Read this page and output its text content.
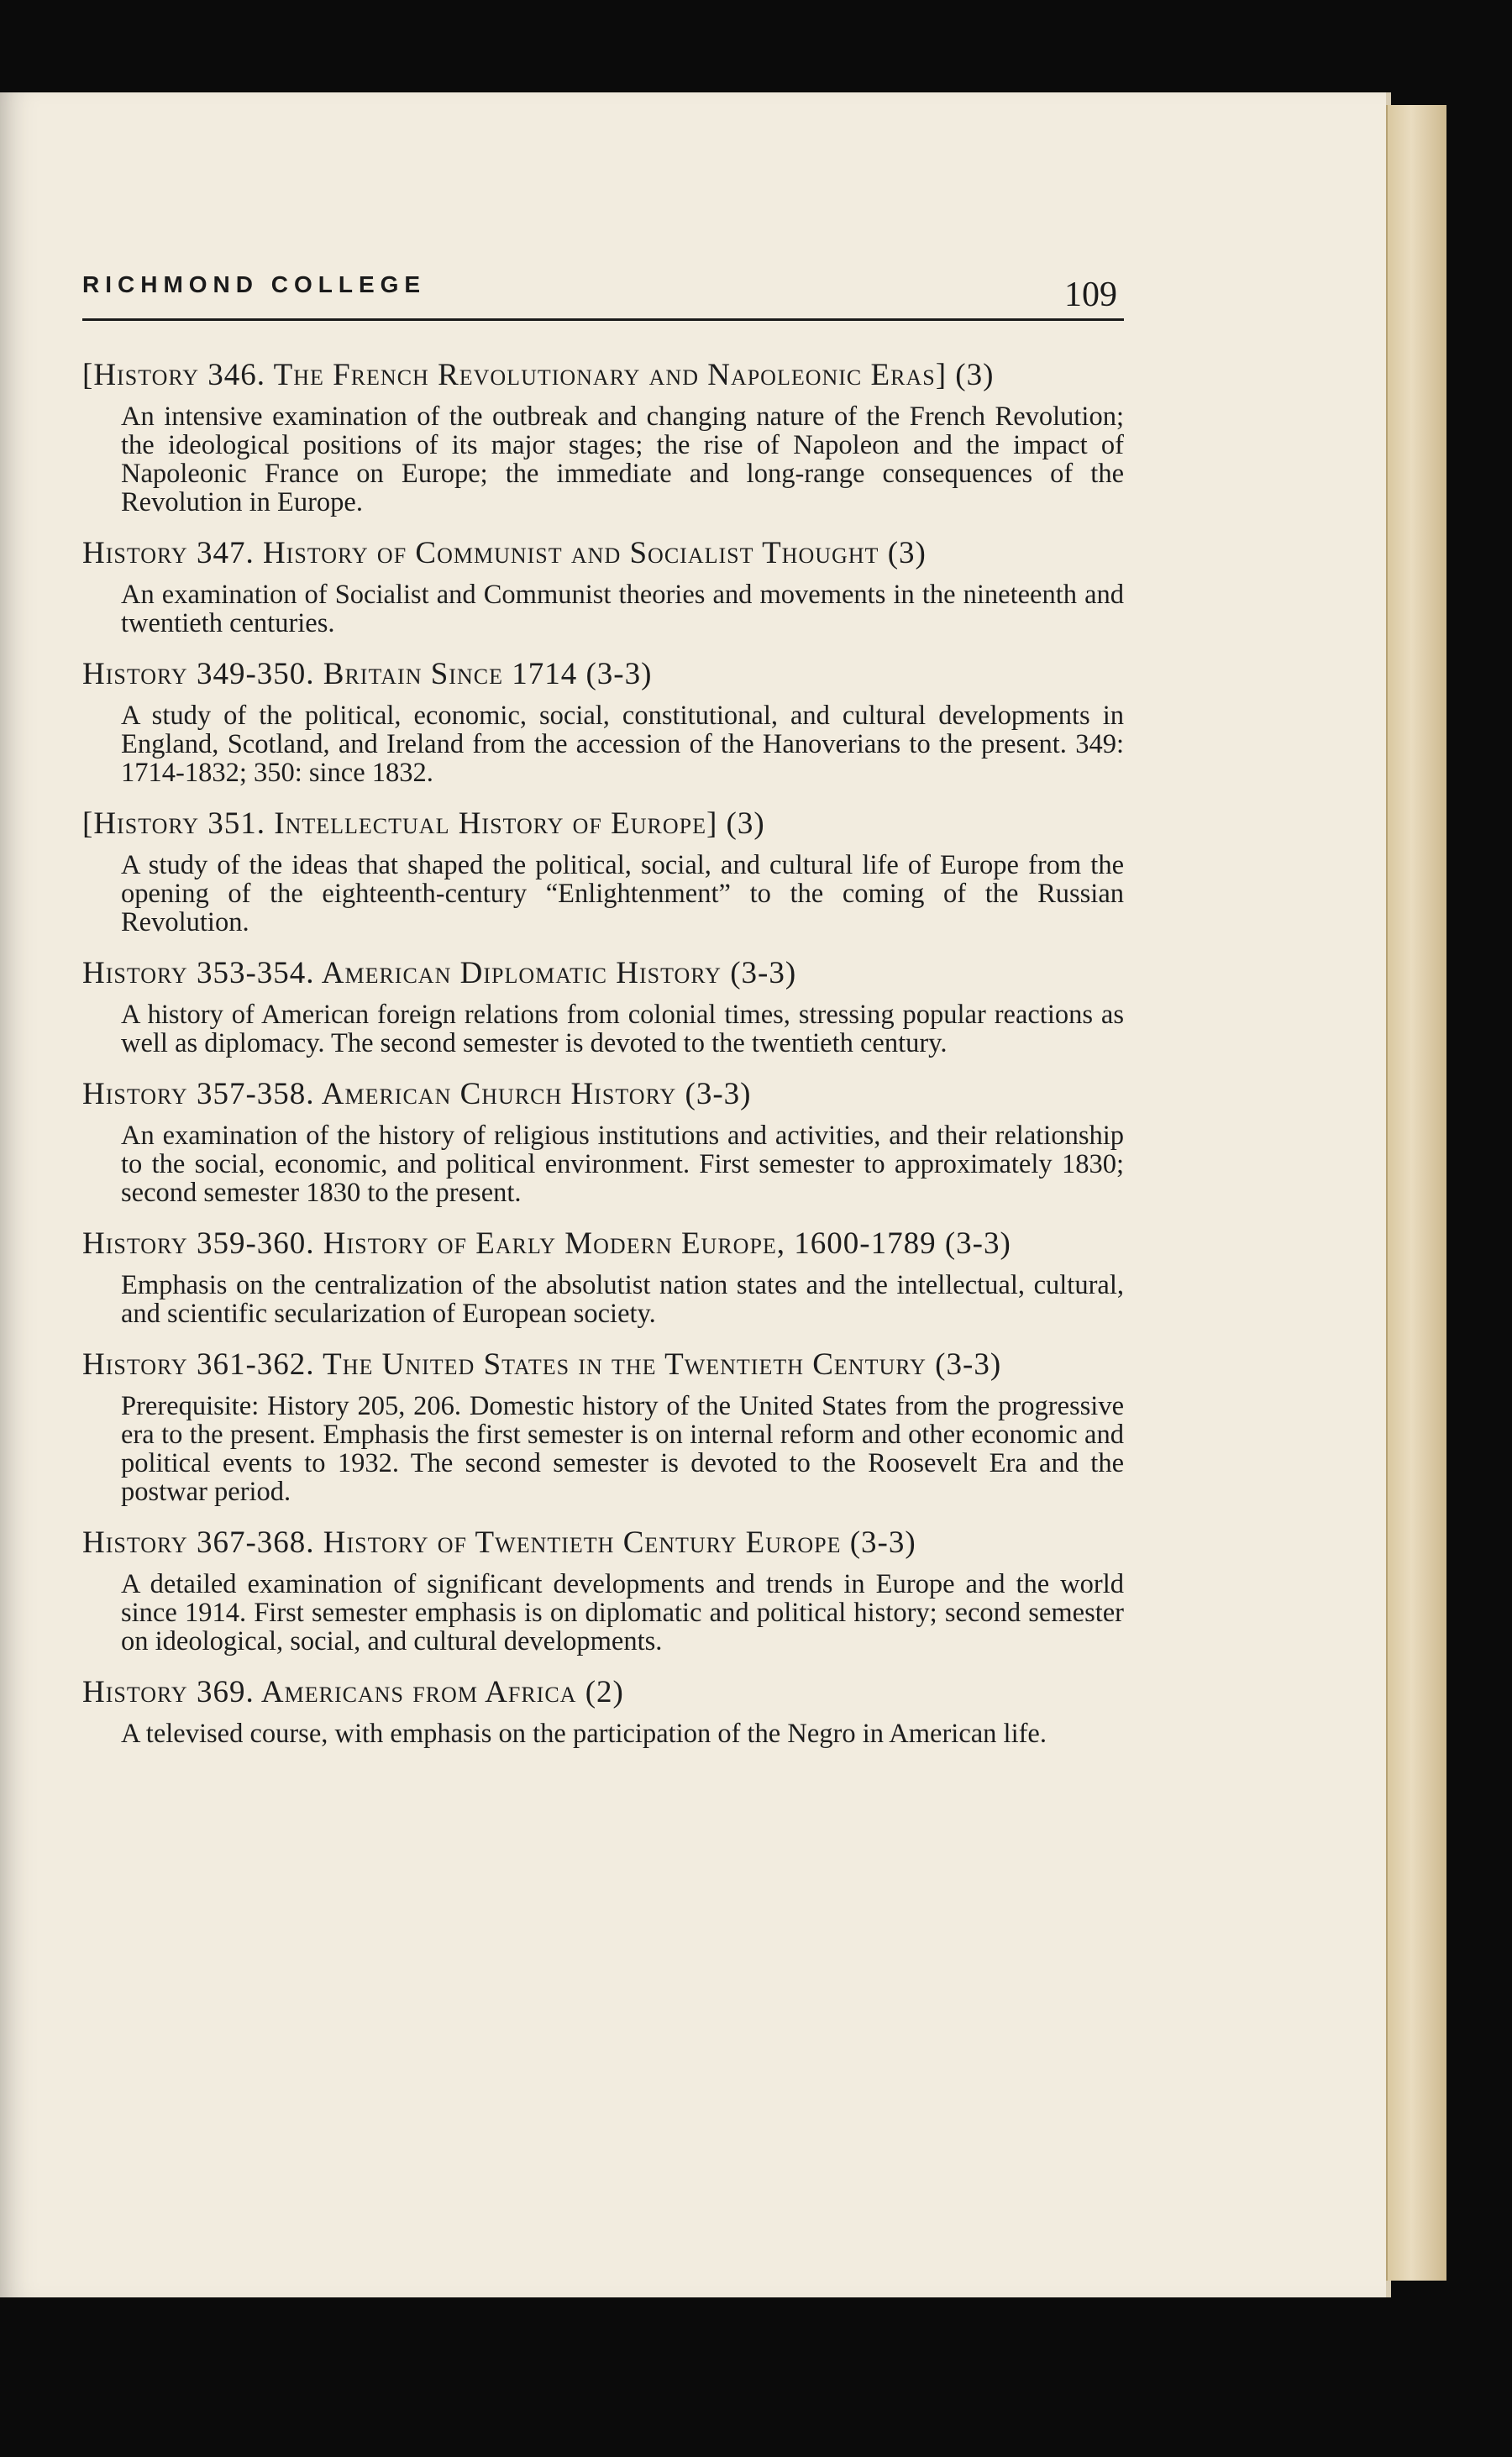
RICHMOND COLLEGE	109
[History 346. The French Revolutionary and Napoleonic Eras] (3)
An intensive examination of the outbreak and changing nature of the French Revolution; the ideological positions of its major stages; the rise of Napoleon and the impact of Napoleonic France on Europe; the immediate and long-range consequences of the Revolution in Europe.
History 347. History of Communist and Socialist Thought (3)
An examination of Socialist and Communist theories and movements in the nineteenth and twentieth centuries.
History 349-350. Britain Since 1714 (3-3)
A study of the political, economic, social, constitutional, and cultural developments in England, Scotland, and Ireland from the accession of the Hanoverians to the present. 349: 1714-1832; 350: since 1832.
[History 351. Intellectual History of Europe] (3)
A study of the ideas that shaped the political, social, and cultural life of Europe from the opening of the eighteenth-century “Enlightenment” to the coming of the Russian Revolution.
History 353-354. American Diplomatic History (3-3)
A history of American foreign relations from colonial times, stressing popular reactions as well as diplomacy. The second semester is devoted to the twentieth century.
History 357-358. American Church History (3-3)
An examination of the history of religious institutions and activities, and their relationship to the social, economic, and political environment. First semester to approximately 1830; second semester 1830 to the present.
History 359-360. History of Early Modern Europe, 1600-1789 (3-3)
Emphasis on the centralization of the absolutist nation states and the intellectual, cultural, and scientific secularization of European society.
History 361-362. The United States in the Twentieth Century (3-3)
Prerequisite: History 205, 206. Domestic history of the United States from the progressive era to the present. Emphasis the first semester is on internal reform and other economic and political events to 1932. The second semester is devoted to the Roosevelt Era and the postwar period.
History 367-368. History of Twentieth Century Europe (3-3)
A detailed examination of significant developments and trends in Europe and the world since 1914. First semester emphasis is on diplomatic and political history; second semester on ideological, social, and cultural developments.
History 369. Americans from Africa (2)
A televised course, with emphasis on the participation of the Negro in American life.
